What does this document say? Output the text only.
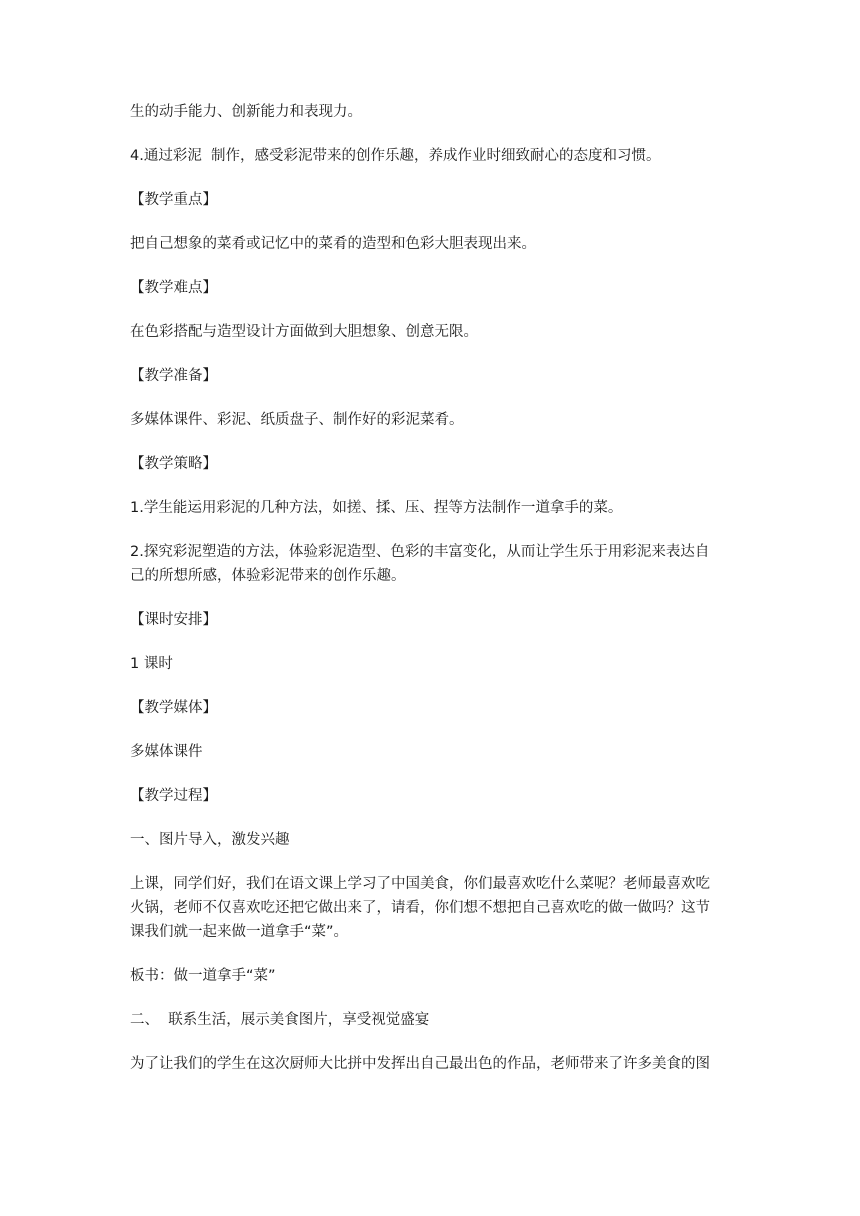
生的动手能力、创新能力和表现力。

4.通过彩泥  制作，感受彩泥带来的创作乐趣，养成作业时细致耐心的态度和习惯。

【教学重点】

把自己想象的菜肴或记忆中的菜肴的造型和色彩大胆表现出来。

【教学难点】

在色彩搭配与造型设计方面做到大胆想象、创意无限。

【教学准备】

多媒体课件、彩泥、纸质盘子、制作好的彩泥菜肴。

【教学策略】

1.学生能运用彩泥的几种方法，如搓、揉、压、捏等方法制作一道拿手的菜。

2.探究彩泥塑造的方法，体验彩泥造型、色彩的丰富变化，从而让学生乐于用彩泥来表达自
己的所想所感，体验彩泥带来的创作乐趣。

【课时安排】

1 课时

【教学媒体】

多媒体课件

【教学过程】

一、图片导入，激发兴趣

上课，同学们好，我们在语文课上学习了中国美食，你们最喜欢吃什么菜呢？老师最喜欢吃
火锅，老师不仅喜欢吃还把它做出来了，请看，你们想不想把自己喜欢吃的做一做吗？这节
课我们就一起来做一道拿手“菜”。

板书：做一道拿手“菜”

二、  联系生活，展示美食图片，享受视觉盛宴

为了让我们的学生在这次厨师大比拼中发挥出自己最出色的作品，老师带来了许多美食的图
